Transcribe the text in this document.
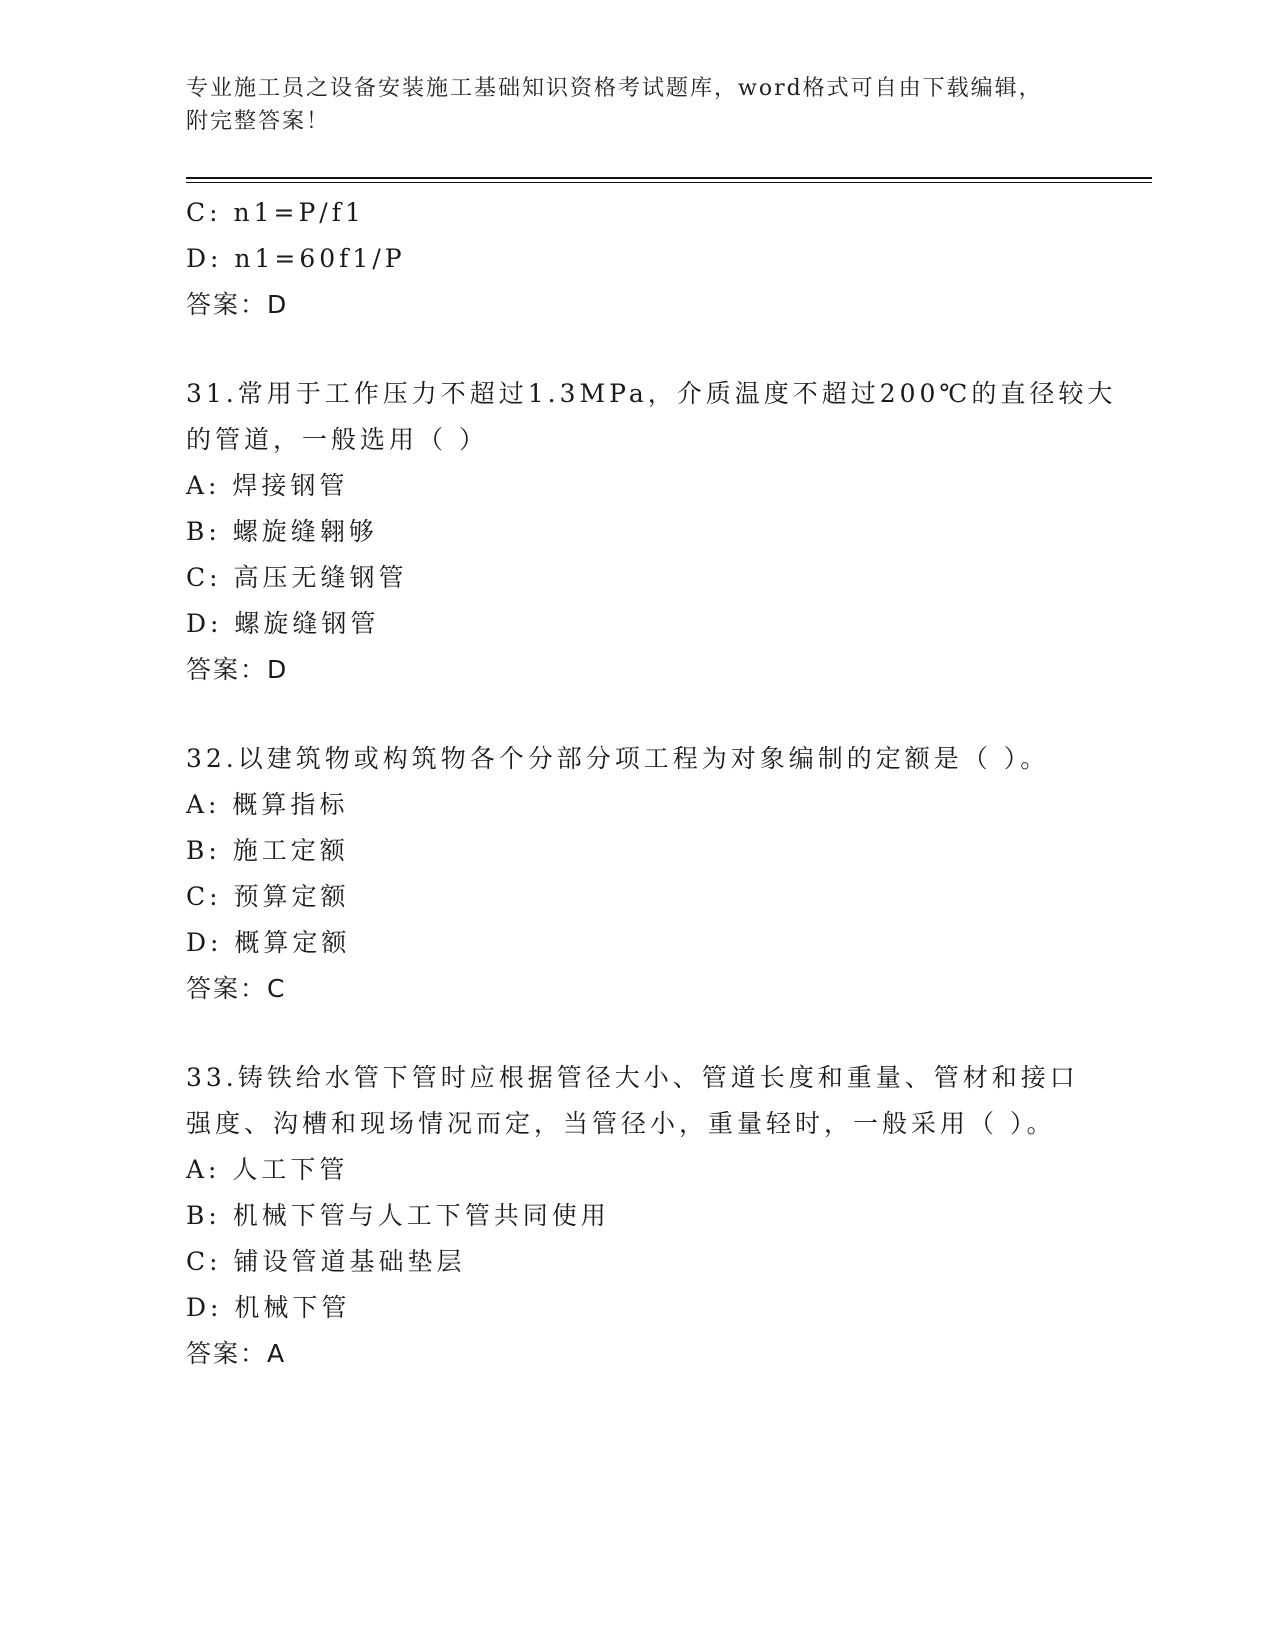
专业施工员之设备安装施工基础知识资格考试题库，word格式可自由下载编辑，
附完整答案！
C: n1=P/f1
D: n1=60f1/P
答案：D
31.常用于工作压力不超过1.3MPa，介质温度不超过200℃的直径较大
的管道，一般选用（ ）
A: 焊接钢管
B: 螺旋缝翱够
C: 高压无缝钢管
D: 螺旋缝钢管
答案：D
32.以建筑物或构筑物各个分部分项工程为对象编制的定额是（ ）。
A: 概算指标
B: 施工定额
C: 预算定额
D: 概算定额
答案：C
33.铸铁给水管下管时应根据管径大小、管道长度和重量、管材和接口
强度、沟槽和现场情况而定，当管径小，重量轻时，一般采用（ ）。
A: 人工下管
B: 机械下管与人工下管共同使用
C: 铺设管道基础垫层
D: 机械下管
答案：A
